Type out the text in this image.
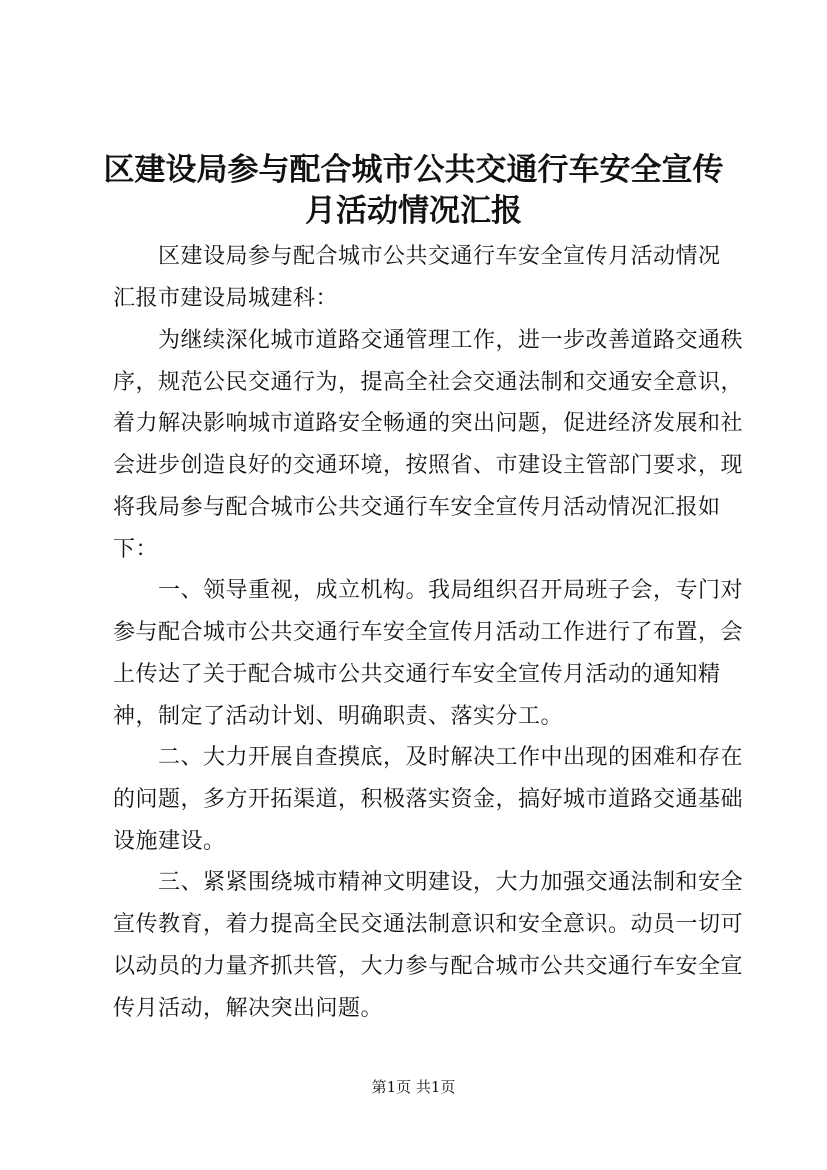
区建设局参与配合城市公共交通行车安全宣传
月活动情况汇报
区建设局参与配合城市公共交通行车安全宣传月活动情况
汇报市建设局城建科：
为继续深化城市道路交通管理工作，进一步改善道路交通秩
序，规范公民交通行为，提高全社会交通法制和交通安全意识，
着力解决影响城市道路安全畅通的突出问题，促进经济发展和社
会进步创造良好的交通环境，按照省、市建设主管部门要求，现
将我局参与配合城市公共交通行车安全宣传月活动情况汇报如
下：
一、领导重视，成立机构。我局组织召开局班子会，专门对
参与配合城市公共交通行车安全宣传月活动工作进行了布置，会
上传达了关于配合城市公共交通行车安全宣传月活动的通知精
神，制定了活动计划、明确职责、落实分工。
二、大力开展自查摸底，及时解决工作中出现的困难和存在
的问题，多方开拓渠道，积极落实资金，搞好城市道路交通基础
设施建设。
三、紧紧围绕城市精神文明建设，大力加强交通法制和安全
宣传教育，着力提高全民交通法制意识和安全意识。动员一切可
以动员的力量齐抓共管，大力参与配合城市公共交通行车安全宣
传月活动，解决突出问题。
第1页 共1页
